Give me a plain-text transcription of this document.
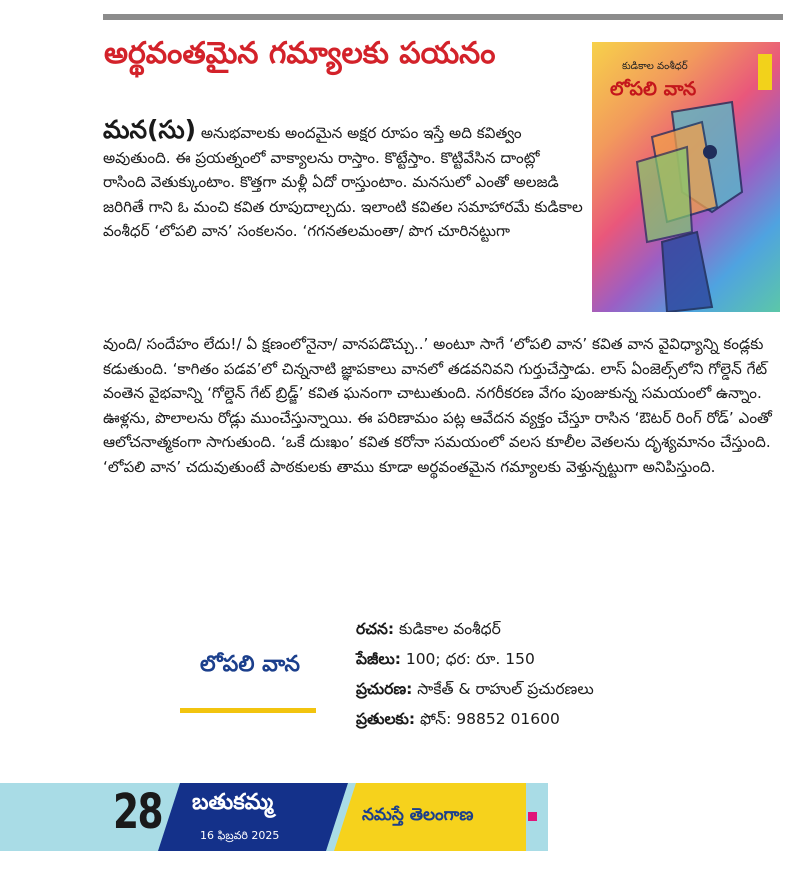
అర్థవంతమైన గమ్యాలకు పయనం	కుడికాల వంశీధర్
లోపలి వాన
మన(సు) అనుభవాలకు అందమైన అక్షర రూపం ఇస్తే అది కవిత్వం అవుతుంది. ఈ ప్రయత్నంలో వాక్యాలను రాస్తాం. కొట్టేస్తాం. కొట్టివేసిన దాంట్లో రాసింది వెతుక్కుంటాం. కొత్తగా మళ్లీ ఏదో రాస్తుంటాం. మనసులో ఎంతో అలజడి జరిగితే గాని ఓ మంచి కవిత రూపుదాల్చదు. ఇలాంటి కవితల సమాహారమే కుడికాల వంశీధర్ ‘లోపలి వాన’ సంకలనం. ‘గగనతలమంతా/ పొగ చూరినట్టుగా
వుంది/ సందేహం లేదు!/ ఏ క్షణంలోనైనా/ వానపడొచ్చు..’ అంటూ సాగే ‘లోపలి వాన’ కవిత వాన వైవిధ్యాన్ని కండ్లకు కడుతుంది. ‘కాగితం పడవ’లో చిన్ననాటి జ్ఞాపకాలు వానలో తడవనివని గుర్తుచేస్తాడు. లాస్ ఏంజెల్స్‌లోని గోల్డెన్ గేట్ వంతెన వైభవాన్ని ‘గోల్డెన్ గేట్ బ్రిడ్జ్’ కవిత ఘనంగా చాటుతుంది. నగరీకరణ వేగం పుంజుకున్న సమయంలో ఉన్నాం. ఊళ్లను, పొలాలను రోడ్లు ముంచేస్తున్నాయి. ఈ పరిణామం పట్ల ఆవేదన వ్యక్తం చేస్తూ రాసిన ‘ఔటర్ రింగ్ రోడ్’ ఎంతో ఆలోచనాత్మకంగా సాగుతుంది. ‘ఒకే దుఃఖం’ కవిత కరోనా సమయంలో వలస కూలీల వెతలను దృశ్యమానం చేస్తుంది. ‘లోపలి వాన’ చదువుతుంటే పాఠకులకు తాము కూడా అర్థవంతమైన గమ్యాలకు వెళ్తున్నట్టుగా అనిపిస్తుంది.
లోపలి వాన
రచన: కుడికాల వంశీధర్
పేజీలు: 100; ధర: రూ. 150
ప్రచురణ: సాకేత్ & రాహుల్ ప్రచురణలు
ప్రతులకు: ఫోన్: 98852 01600
28 బతుకమ్మ
16 ఫిబ్రవరి 2025
నమస్తే తెలంగాణ
